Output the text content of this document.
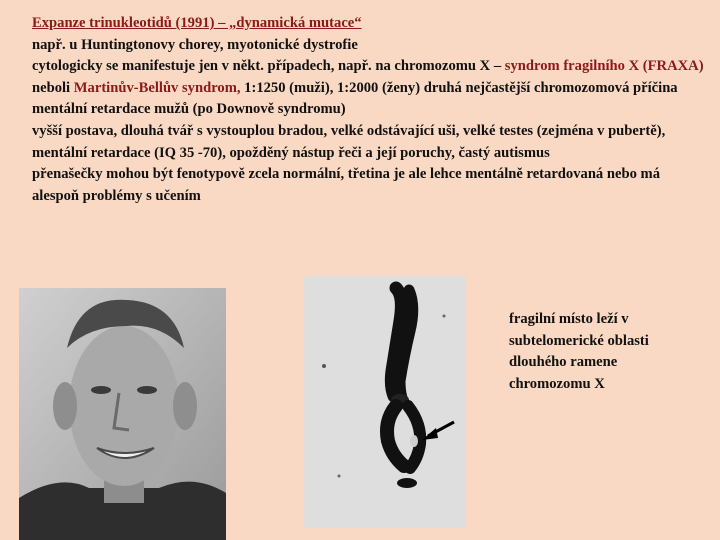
Expanze trinukleotidů (1991) – „dynamická mutace“

např. u Huntingtonovy chorey, myotonické dystrofie

cytologicky se manifestuje jen v někt. případech, např. na chromozomu X – syndrom fragilního X (FRAXA) neboli Martinův-Bellův syndrom, 1:1250 (muži), 1:2000 (ženy) druhá nejčastější chromozomová příčina mentální retardace mužů (po Downově syndromu)

vyšší postava, dlouhá tvář s vystouplou bradou, velké odstávající uši, velké testes (zejména v pubertě), mentální retardace (IQ 35 -70), opožděný nástup řeči a její poruchy, častý autismus

přenašečky mohou být fenotypově zcela normální, třetina je ale lehce mentálně retardovaná nebo má alespoň problémy s učením

fragilní místo leží v subtelomerické oblasti dlouhého ramene chromozomu X
